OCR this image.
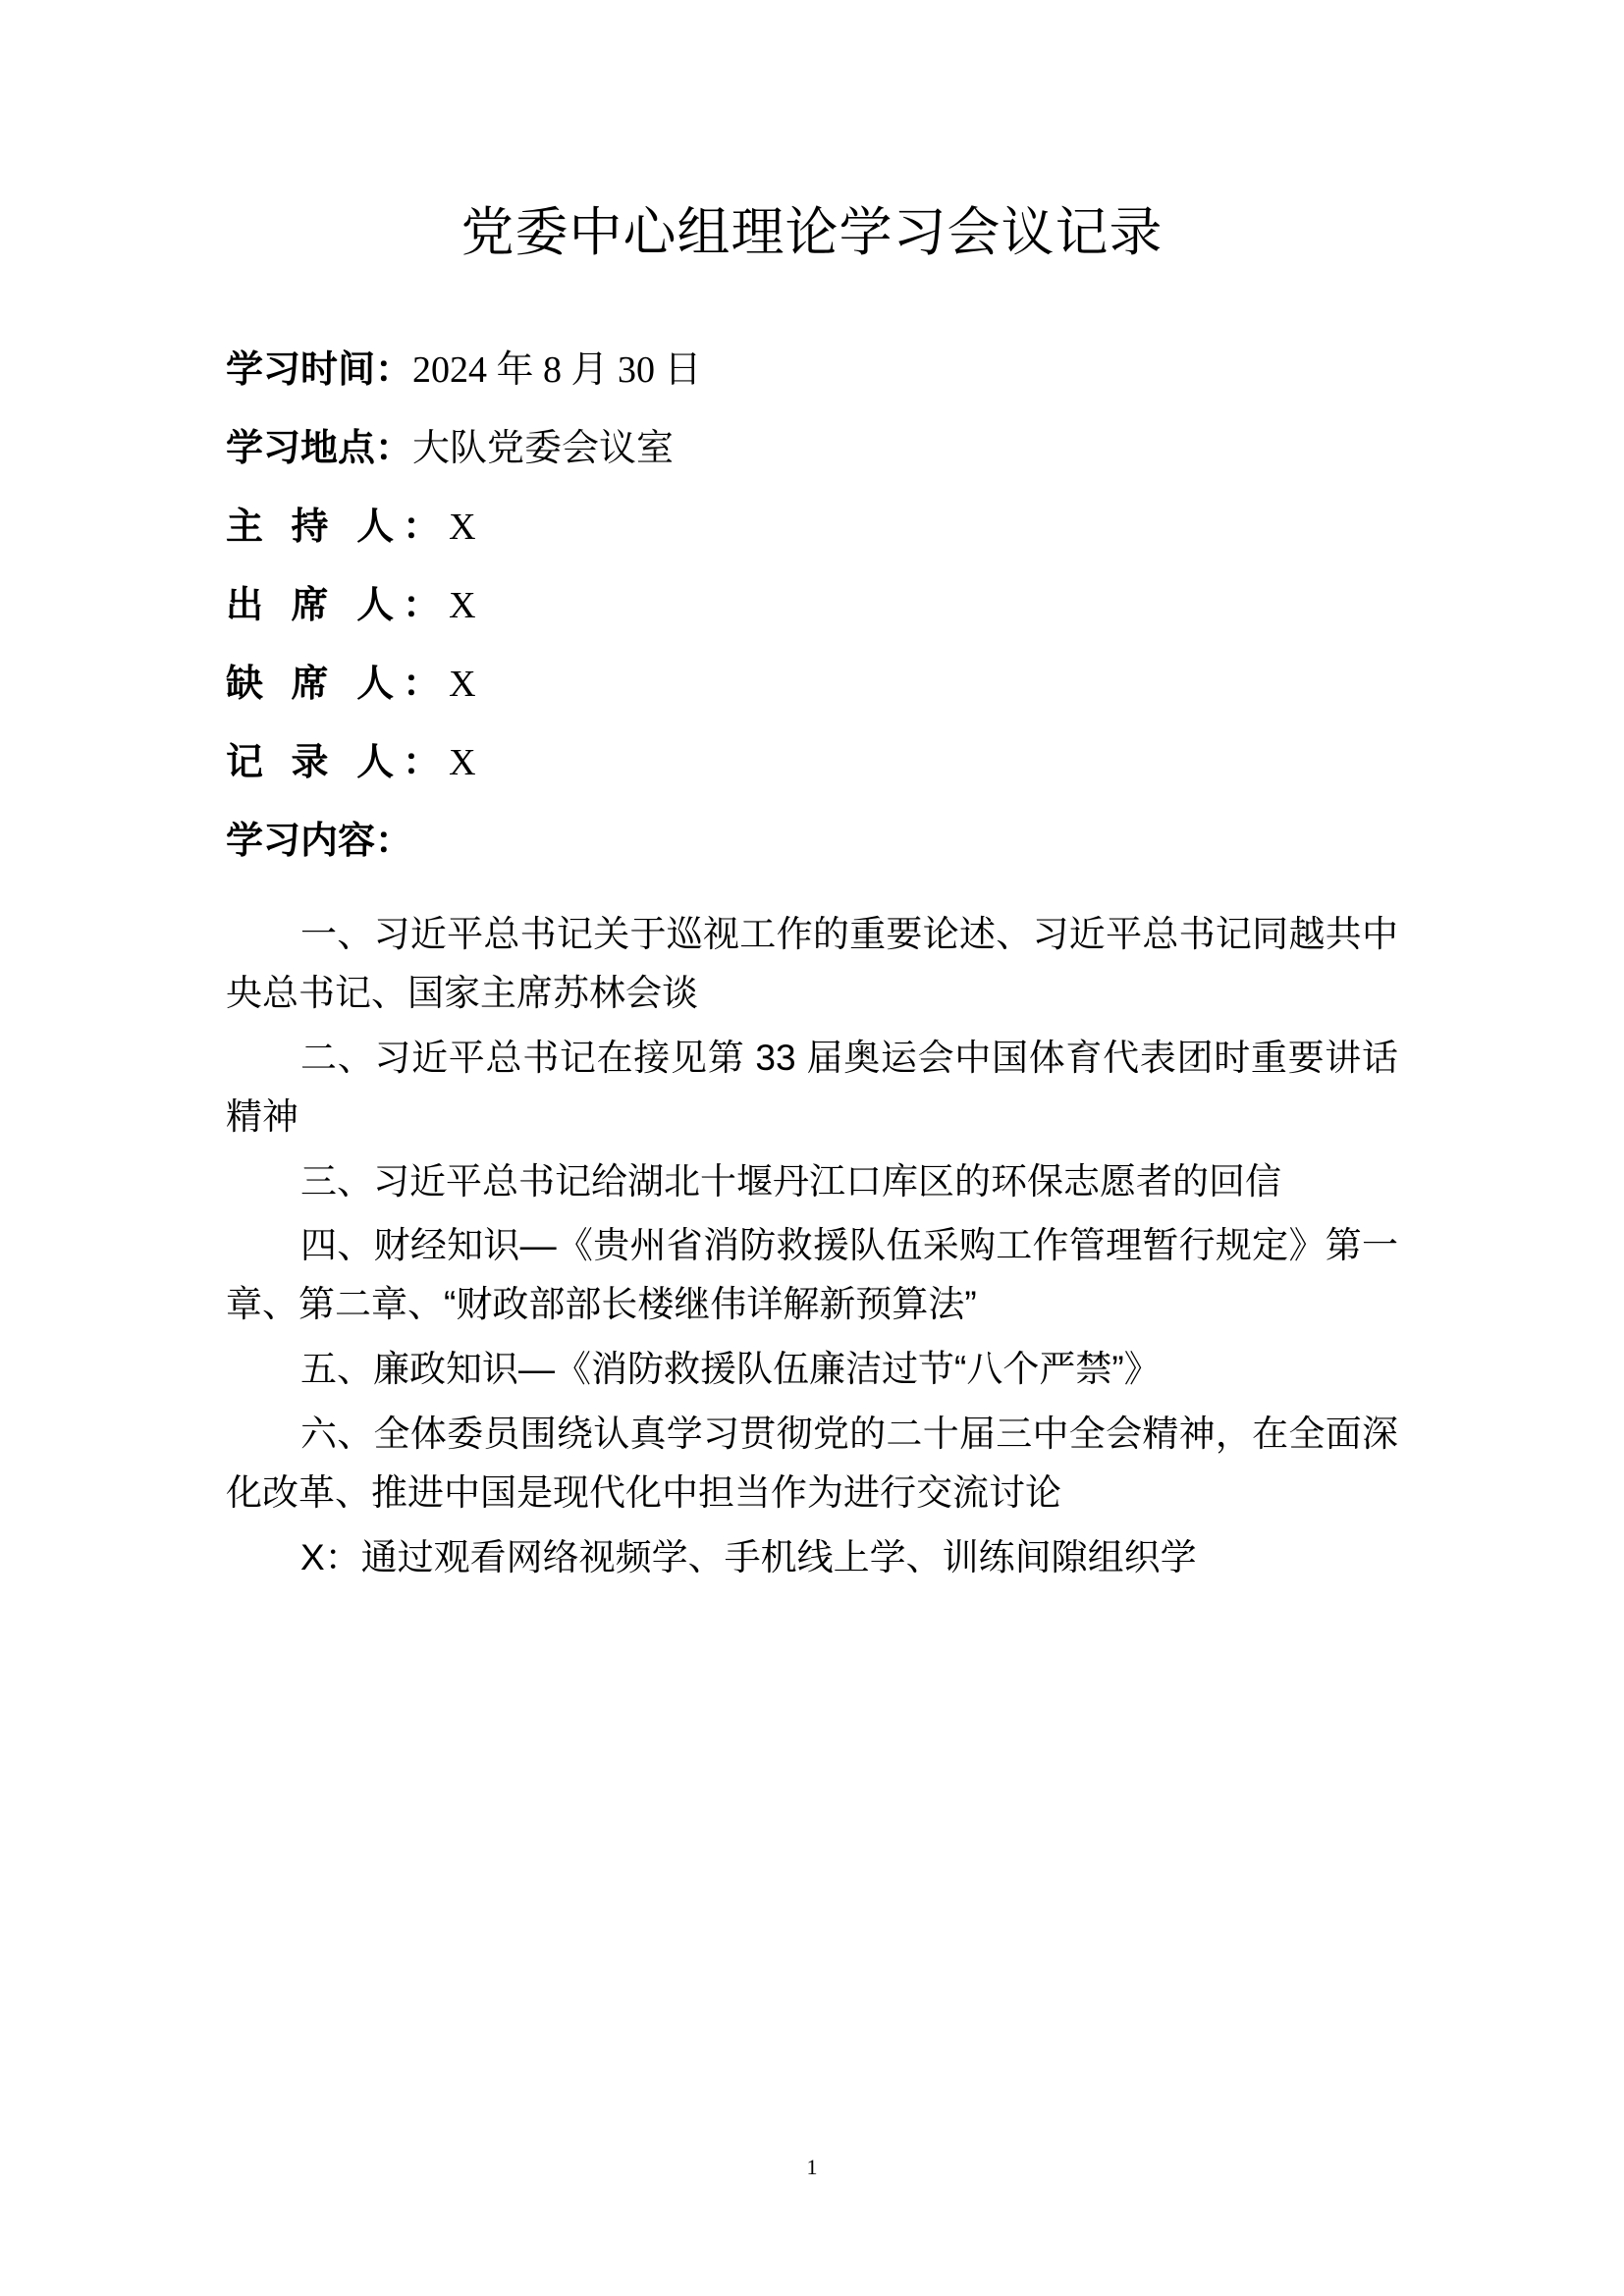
党委中心组理论学习会议记录
学习时间：2024 年 8 月 30 日
学习地点：大队党委会议室
主 持 人：X
出 席 人：X
缺 席 人：X
记 录 人：X
学习内容：

一、习近平总书记关于巡视工作的重要论述、习近平总书记同越共中央总书记、国家主席苏林会谈

二、习近平总书记在接见第 33 届奥运会中国体育代表团时重要讲话精神

三、习近平总书记给湖北十堰丹江口库区的环保志愿者的回信

四、财经知识—《贵州省消防救援队伍采购工作管理暂行规定》第一章、第二章、“财政部部长楼继伟详解新预算法”

五、廉政知识—《消防救援队伍廉洁过节“八个严禁”》

六、全体委员围绕认真学习贯彻党的二十届三中全会精神，在全面深化改革、推进中国是现代化中担当作为进行交流讨论

X：通过观看网络视频学、手机线上学、训练间隙组织学

1
